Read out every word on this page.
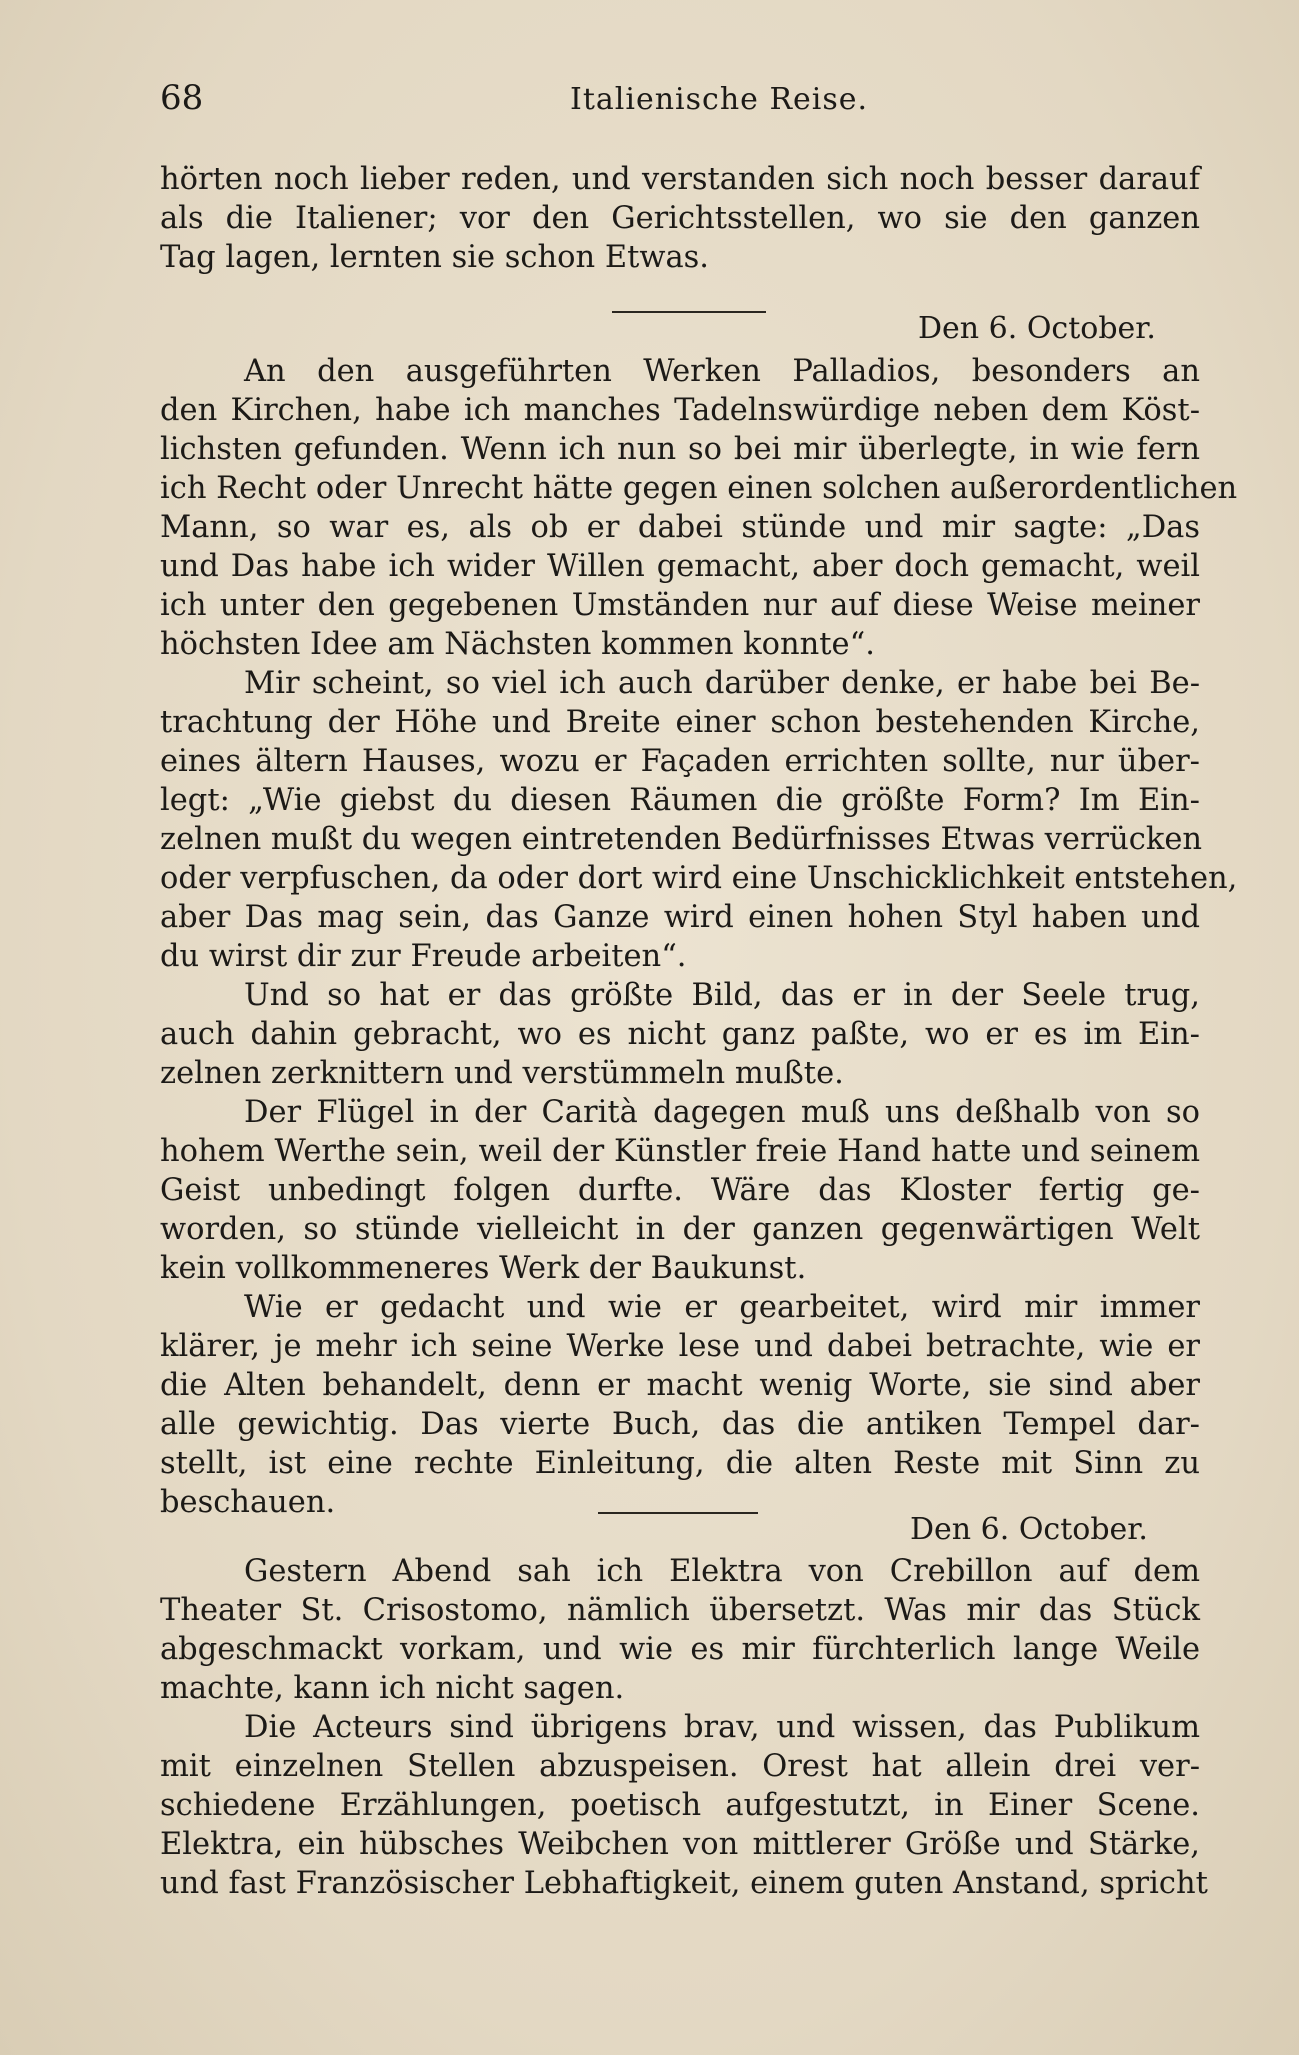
68	Italienische Reise.
hörten noch lieber reden, und verstanden sich noch besser darauf
als die Italiener; vor den Gerichtsstellen, wo sie den ganzen
Tag lagen, lernten sie schon Etwas.
Den 6. October.
An den ausgeführten Werken Palladios, besonders an
den Kirchen, habe ich manches Tadelnswürdige neben dem Köst-
lichsten gefunden. Wenn ich nun so bei mir überlegte, in wie fern
ich Recht oder Unrecht hätte gegen einen solchen außerordentlichen
Mann, so war es, als ob er dabei stünde und mir sagte: „Das
und Das habe ich wider Willen gemacht, aber doch gemacht, weil
ich unter den gegebenen Umständen nur auf diese Weise meiner
höchsten Idee am Nächsten kommen konnte“.
Mir scheint, so viel ich auch darüber denke, er habe bei Be-
trachtung der Höhe und Breite einer schon bestehenden Kirche,
eines ältern Hauses, wozu er Façaden errichten sollte, nur über-
legt: „Wie giebst du diesen Räumen die größte Form? Im Ein-
zelnen mußt du wegen eintretenden Bedürfnisses Etwas verrücken
oder verpfuschen, da oder dort wird eine Unschicklichkeit entstehen,
aber Das mag sein, das Ganze wird einen hohen Styl haben und
du wirst dir zur Freude arbeiten“.
Und so hat er das größte Bild, das er in der Seele trug,
auch dahin gebracht, wo es nicht ganz paßte, wo er es im Ein-
zelnen zerknittern und verstümmeln mußte.
Der Flügel in der Carità dagegen muß uns deßhalb von so
hohem Werthe sein, weil der Künstler freie Hand hatte und seinem
Geist unbedingt folgen durfte. Wäre das Kloster fertig ge-
worden, so stünde vielleicht in der ganzen gegenwärtigen Welt
kein vollkommeneres Werk der Baukunst.
Wie er gedacht und wie er gearbeitet, wird mir immer
klärer, je mehr ich seine Werke lese und dabei betrachte, wie er
die Alten behandelt, denn er macht wenig Worte, sie sind aber
alle gewichtig. Das vierte Buch, das die antiken Tempel dar-
stellt, ist eine rechte Einleitung, die alten Reste mit Sinn zu
beschauen.
Den 6. October.
Gestern Abend sah ich Elektra von Crebillon auf dem
Theater St. Crisostomo, nämlich übersetzt. Was mir das Stück
abgeschmackt vorkam, und wie es mir fürchterlich lange Weile
machte, kann ich nicht sagen.
Die Acteurs sind übrigens brav, und wissen, das Publikum
mit einzelnen Stellen abzuspeisen. Orest hat allein drei ver-
schiedene Erzählungen, poetisch aufgestutzt, in Einer Scene.
Elektra, ein hübsches Weibchen von mittlerer Größe und Stärke,
und fast Französischer Lebhaftigkeit, einem guten Anstand, spricht
